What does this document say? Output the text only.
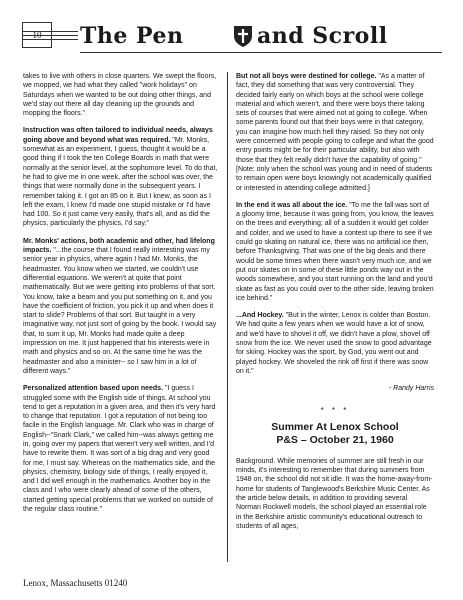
10	The Pen	and Scroll

takes to live with others in close quarters. We swept the floors, we mopped, we had what they called "work holidays" on Saturdays when we wanted to be out doing other things, and we'd stay out there all day cleaning up the grounds and mopping the floors."

Instruction was often tailored to individual needs, always going above and beyond what was required. "Mr. Monks, somewhat as an experiment, I guess, thought it would be a good thing if I took the ten College Boards in math that were normally at the senior level, at the sophomore level. To do that, he had to give me in one week, after the school was over, the things that were normally done in the subsequent years. I remember taking it. I got an 85 on it. But I knew, as soon as I left the exam, I knew I'd made one stupid mistake or I'd have had 100. So it just came very easily, that's all, and as did the physics, particularly the physics, I'd say."

Mr. Monks' actions, both academic and other, had lifelong impacts. "...the course that I found really interesting was my senior year in physics, where again I had Mr. Monks, the headmaster. You know when we started, we couldn't use differential equations. We weren't at quite that point mathematically. But we were getting into problems of that sort. You know, take a beam and you put something on it, and you have the coefficient of friction, you pick it up and when does it start to slide? Problems of that sort. But taught in a very imaginative way, not just sort of going by the book. I would say that, to sum it up, Mr. Monks had made quite a deep impression on me. It just happened that his interests were in math and physics and so on. At the same time he was the headmaster and also a minister-- so I saw him in a lot of different ways."

Personalized attention based upon needs. "I guess I struggled some with the English side of things. At school you tend to get a reputation in a given area, and then it's very hard to change that reputation. I got a reputation of not being too facile in the English language. Mr. Clark who was in charge of English--"Snark Clark," we called him--was always getting me in, going over my papers that weren't very well written, and I'd have to rewrite them. It was sort of a big drag and very good for me, I must say. Whereas on the mathematics side, and the physics, chemistry, biology side of things, I really enjoyed it, and I did well enough in the mathematics. Another boy in the class and I who were clearly ahead of some of the others, started getting special problems that we worked on outside of the regular class routine."

But not all boys were destined for college. "As a matter of fact, they did something that was very controversial. They decided fairly early on which boys at the school were college material and which weren't, and there were boys there taking sets of courses that were aimed not at going to college. When some parents found out that their boys were in that category, you can imagine how much hell they raised. So they not only were concerned with people going to college and what the good entry points might be for their particular ability, but also with those that they felt really didn't have the capability of going." [Note: only when the school was young and in need of students to remain open were boys knowingly not academically qualified or interested in attending college admitted.]

In the end it was all about the ice. "To me the fall was sort of a gloomy time, because it was going from, you know, the leaves on the trees and everything; all of a sudden it would get colder and colder, and we used to have a contest up there to see if we could go skating on natural ice, there was no artificial ice then, before Thanksgiving. That was one of the big deals and there would be some times when there wasn't very much ice, and we put our skates on in some of these little ponds way out in the woods somewhere, and you start running on the land and you'd skate as fast as you could over to the other side, leaving broken ice behind."

...And Hockey. "But in the winter, Lenox is colder than Boston. We had quite a few years when we would have a lot of snow, and we'd have to shovel it off, we didn't have a plow, shovel off snow from the ice. We never used the snow to good advantage for skiing. Hockey was the sport, by God, you went out and played hockey. We shoveled the rink off first if there was snow on it."

- Randy Harris
* * *
Summer At Lenox School
P&S – October 21, 1960

Background. While memories of summer are still fresh in our minds, it's interesting to remember that during summers from 1948 on, the school did not sit idle. It was the home-away-from-home for students of Tanglewood's Berkshire Music Center. As the article below details, in addition to providing several Norman Rockwell models, the school played an essential role in the Berkshire artistic community's educational outreach to students of all ages,

Lenox, Massachusetts 01240
